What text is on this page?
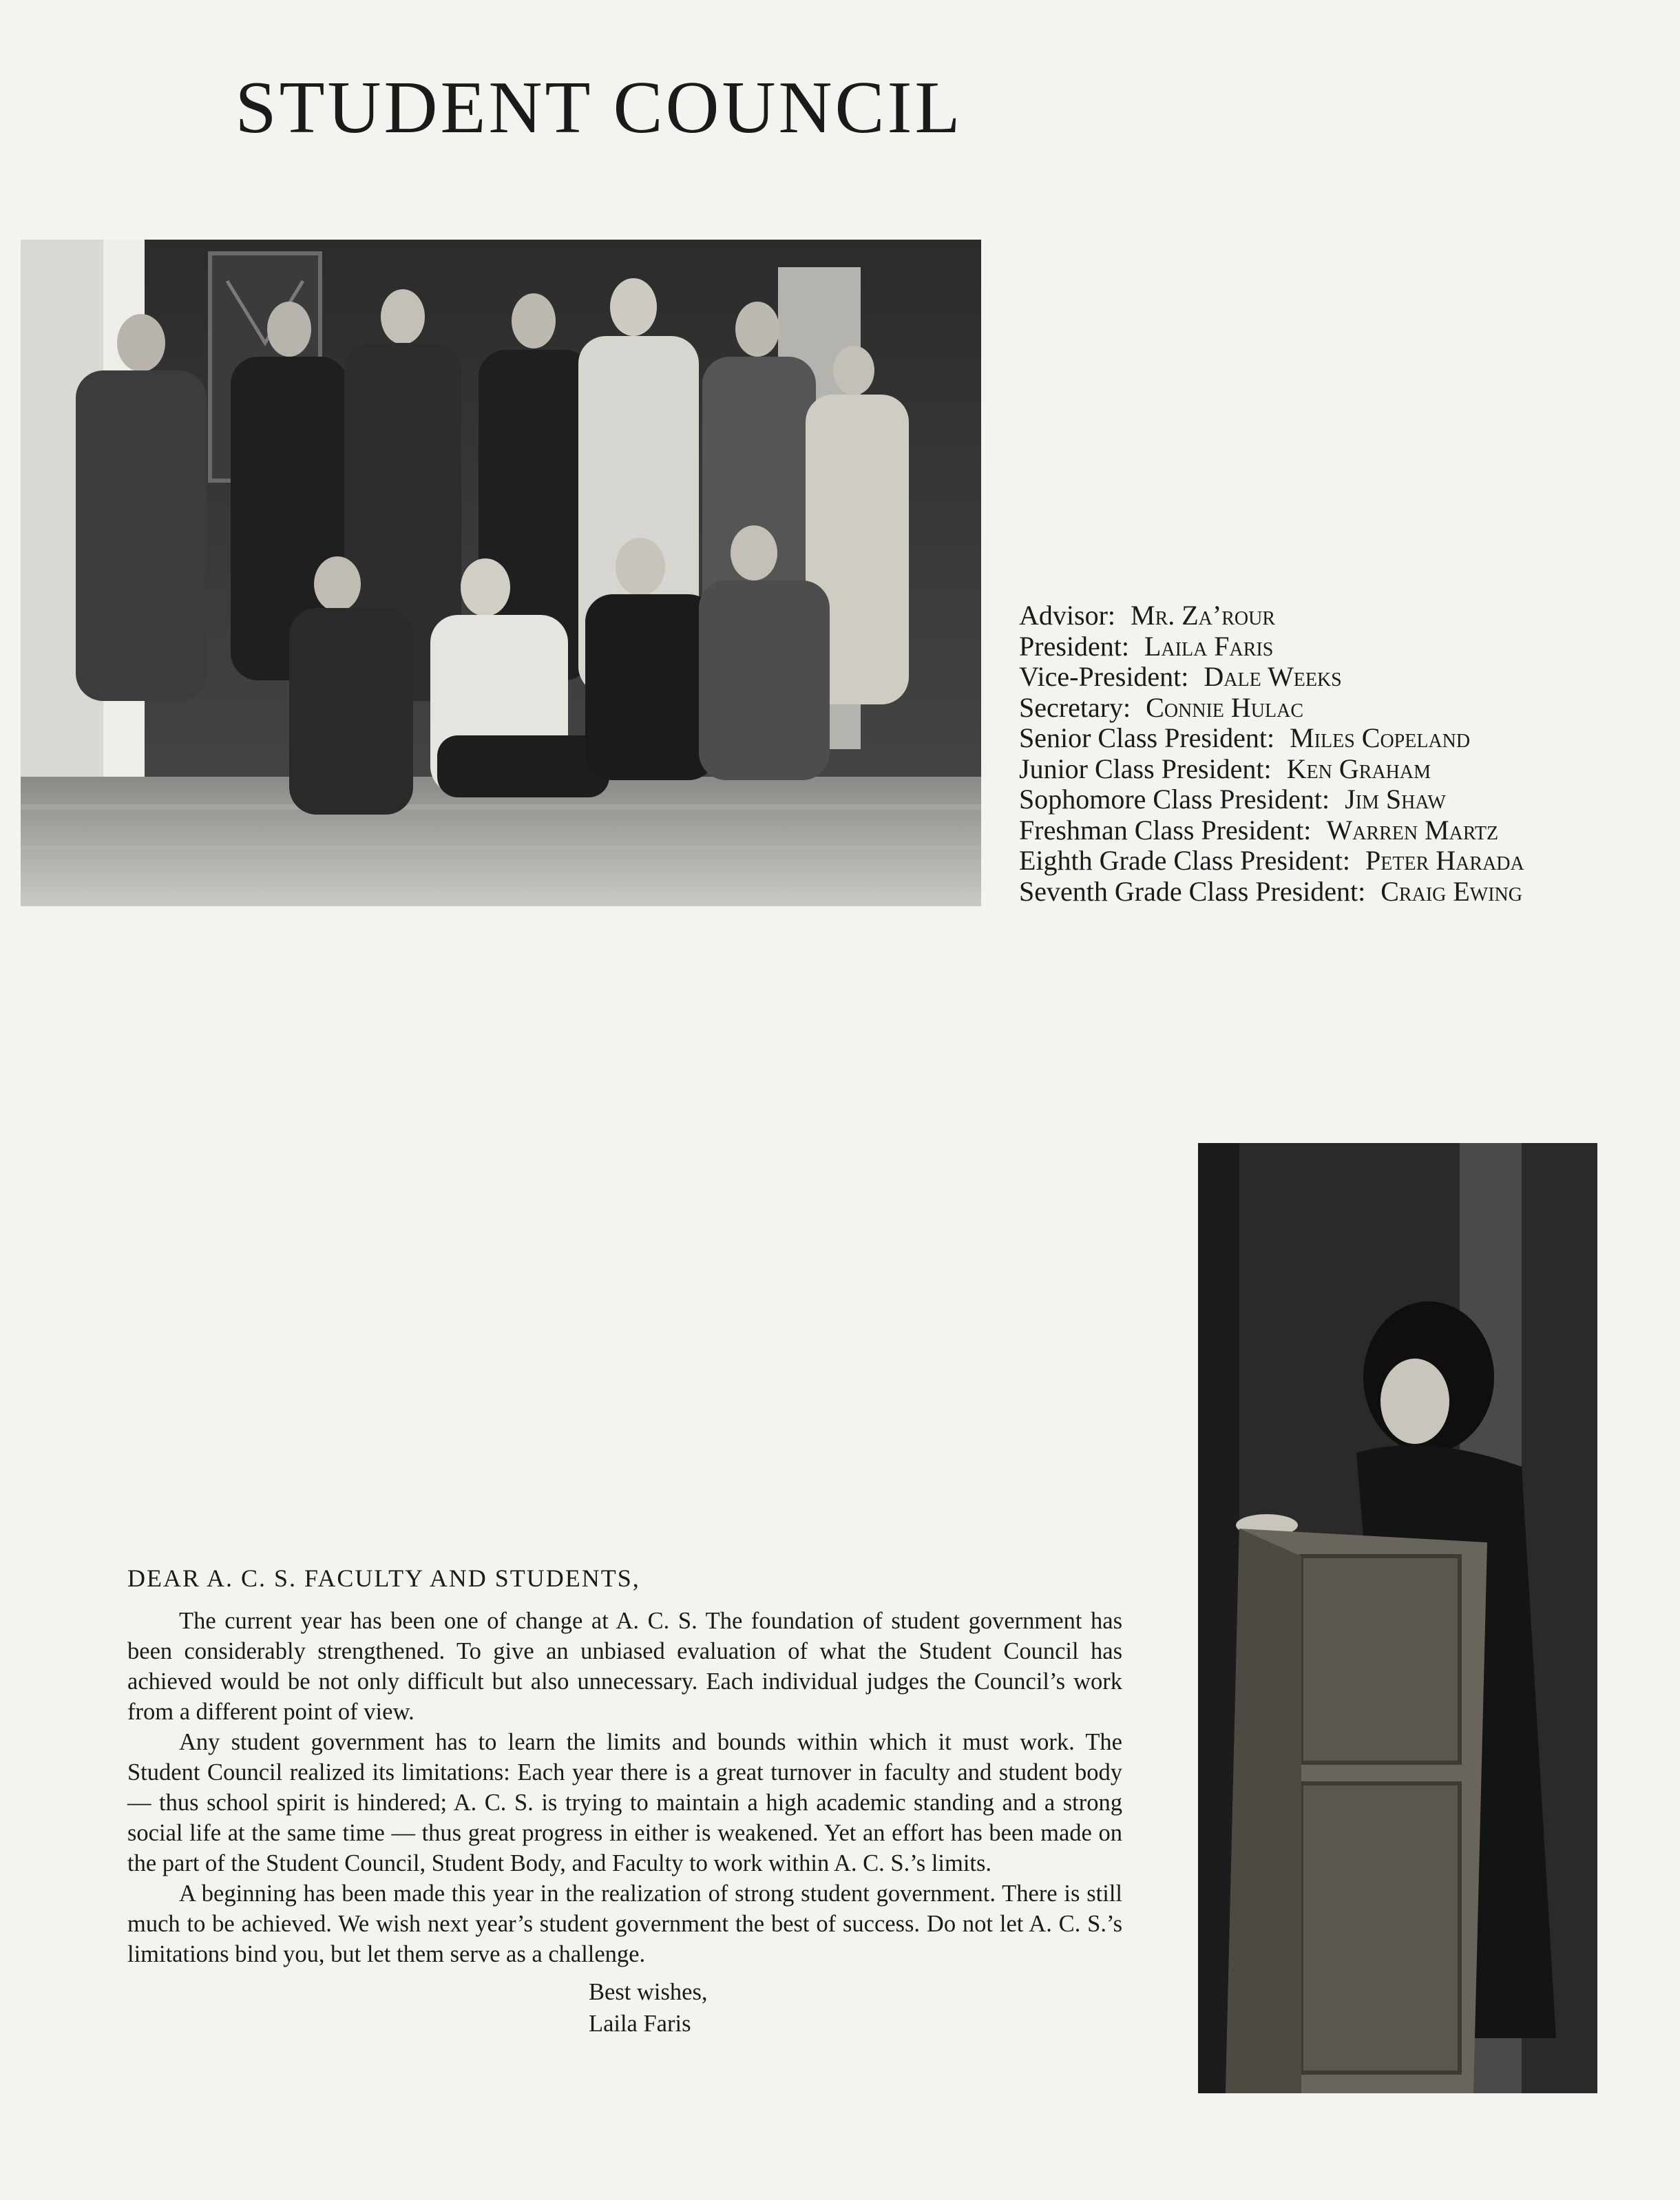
STUDENT COUNCIL
Advisor: Mr. Za’rour
President: Laila Faris
Vice-President: Dale Weeks
Secretary: Connie Hulac
Senior Class President: Miles Copeland
Junior Class President: Ken Graham
Sophomore Class President: Jim Shaw
Freshman Class President: Warren Martz
Eighth Grade Class President: Peter Harada
Seventh Grade Class President: Craig Ewing
DEAR A. C. S. FACULTY AND STUDENTS,

The current year has been one of change at A. C. S. The foundation of student government has been considerably strengthened. To give an unbiased evaluation of what the Student Council has achieved would be not only difficult but also unnecessary. Each individual judges the Council’s work from a different point of view.

Any student government has to learn the limits and bounds within which it must work. The Student Council realized its limitations: Each year there is a great turnover in faculty and student body — thus school spirit is hindered; A. C. S. is trying to maintain a high academic standing and a strong social life at the same time — thus great progress in either is weakened. Yet an effort has been made on the part of the Student Council, Student Body, and Faculty to work within A. C. S.’s limits.

A beginning has been made this year in the realization of strong student government. There is still much to be achieved. We wish next year’s student government the best of success. Do not let A. C. S.’s limitations bind you, but let them serve as a challenge.

Best wishes,
Laila Faris
